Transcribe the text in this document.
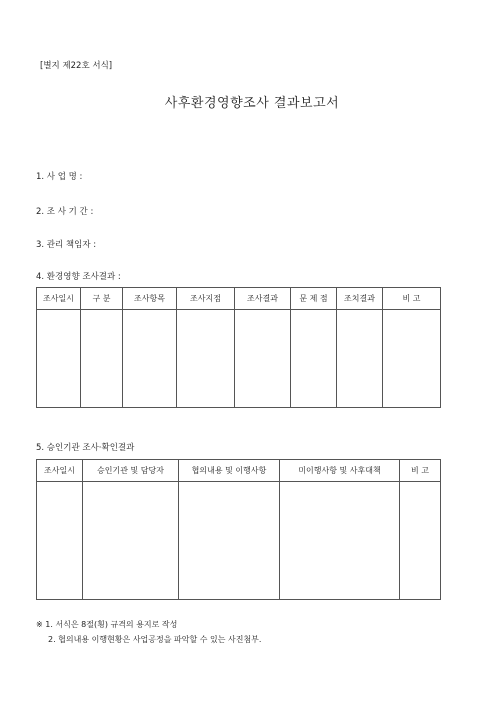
[별지 제22호 서식]
사후환경영향조사 결과보고서
1. 사 업 명 :
2. 조 사 기 간 :
3. 관리 책임자 :
4. 환경영향 조사결과 :
조사일시	구 분	조사항목	조사지점	조사결과	문 제 점	조치결과	비 고

5. 승인기관 조사·확인결과
조사일시	승인기관 및 담당자	협의내용 및 이행사항	미이행사항 및 사후대책	비 고

※ 1. 서식은 8절(횡) 규격의 용지로 작성
2. 협의내용 이행현황은 사업공정을 파악할 수 있는 사진첨부.
